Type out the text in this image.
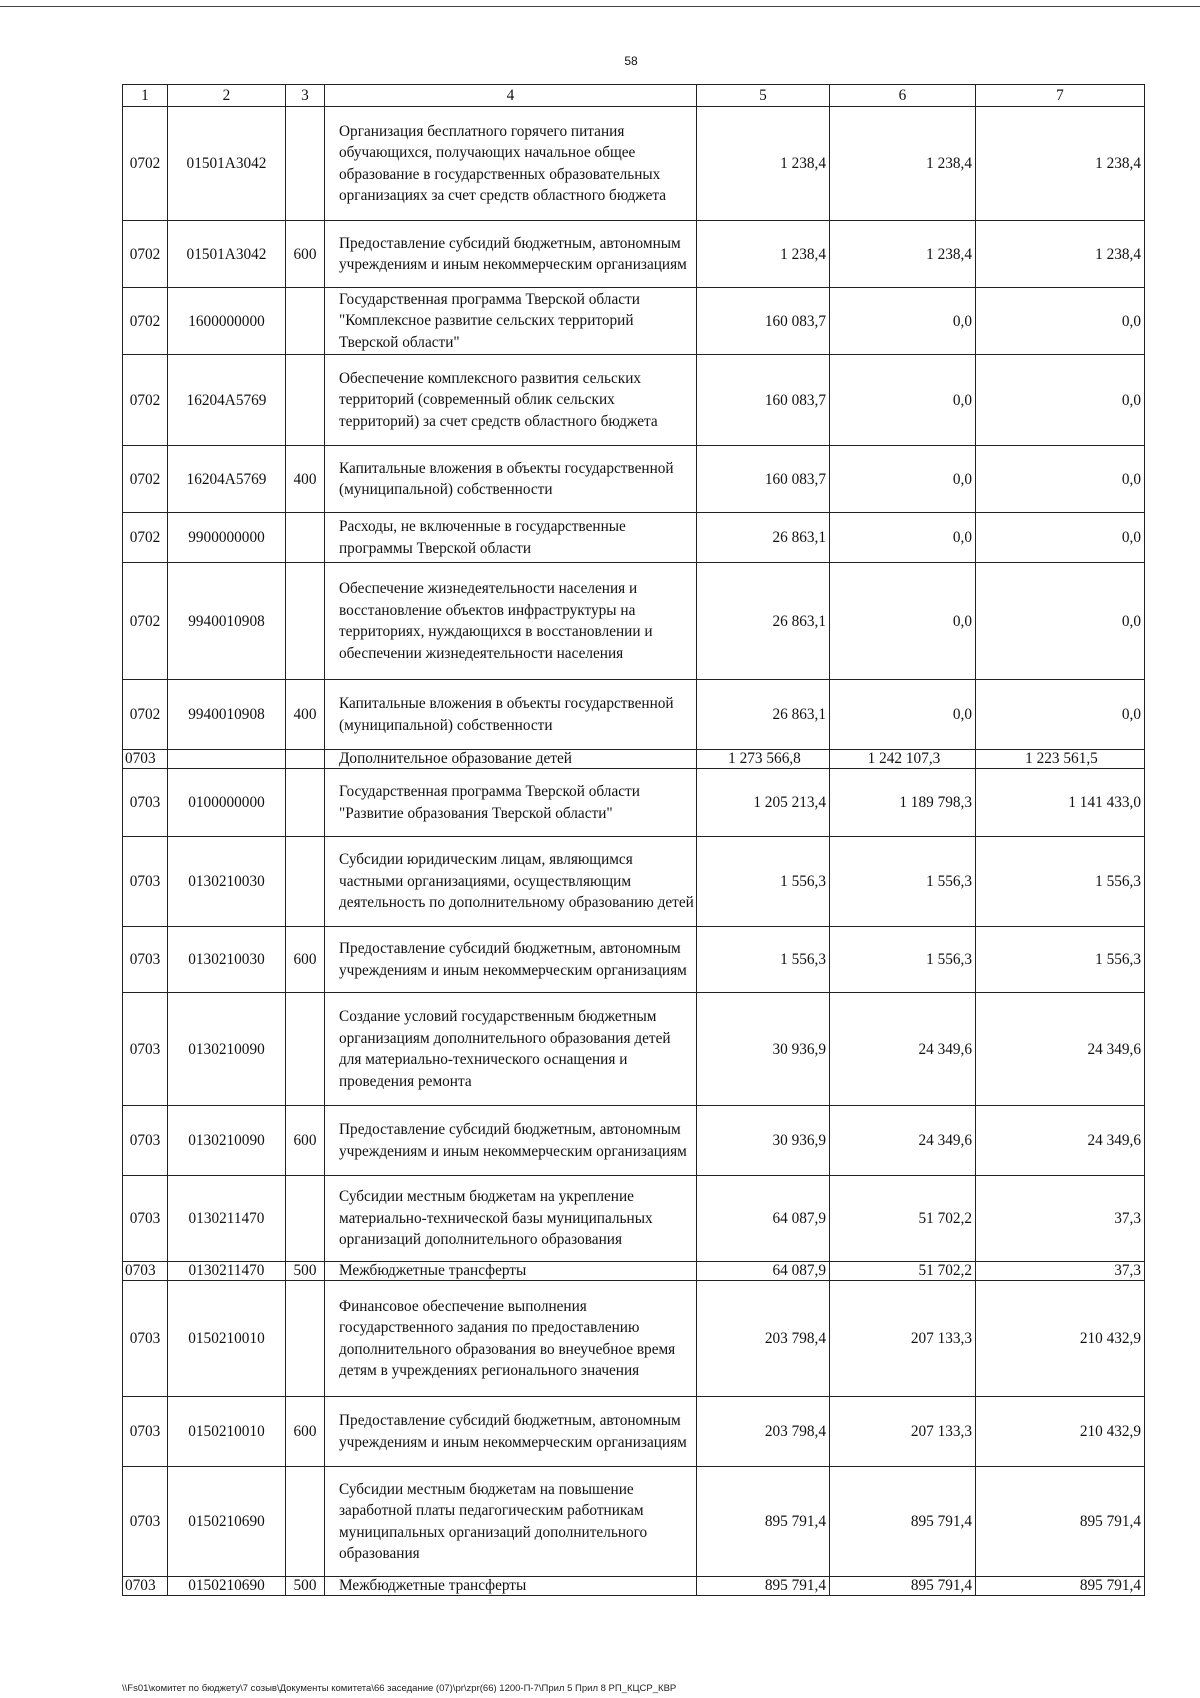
58
1	2	3	4	5	6	7
0702	01501A3042		Организация бесплатного горячего питания обучающихся, получающих начальное общее образование в государственных образовательных организациях за счет средств областного бюджета	1 238,4	1 238,4	1 238,4
0702	01501A3042	600	Предоставление субсидий бюджетным, автономным учреждениям и иным некоммерческим организациям	1 238,4	1 238,4	1 238,4
0702	1600000000		Государственная программа Тверской области "Комплексное развитие сельских территорий Тверской области"	160 083,7	0,0	0,0
0702	16204A5769		Обеспечение комплексного развития сельских территорий (современный облик сельских территорий) за счет средств областного бюджета	160 083,7	0,0	0,0
0702	16204A5769	400	Капитальные вложения в объекты государственной (муниципальной) собственности	160 083,7	0,0	0,0
0702	9900000000		Расходы, не включенные в государственные программы Тверской области	26 863,1	0,0	0,0
0702	9940010908		Обеспечение жизнедеятельности населения и восстановление объектов инфраструктуры на территориях, нуждающихся в восстановлении и обеспечении жизнедеятельности населения	26 863,1	0,0	0,0
0702	9940010908	400	Капитальные вложения в объекты государственной (муниципальной) собственности	26 863,1	0,0	0,0
0703			Дополнительное образование детей	1 273 566,8	1 242 107,3	1 223 561,5
0703	0100000000		Государственная программа Тверской области "Развитие образования Тверской области"	1 205 213,4	1 189 798,3	1 141 433,0
0703	0130210030		Субсидии юридическим лицам, являющимся частными организациями, осуществляющим деятельность по дополнительному образованию детей	1 556,3	1 556,3	1 556,3
0703	0130210030	600	Предоставление субсидий бюджетным, автономным учреждениям и иным некоммерческим организациям	1 556,3	1 556,3	1 556,3
0703	0130210090		Создание условий государственным бюджетным организациям дополнительного образования детей для материально-технического оснащения и проведения ремонта	30 936,9	24 349,6	24 349,6
0703	0130210090	600	Предоставление субсидий бюджетным, автономным учреждениям и иным некоммерческим организациям	30 936,9	24 349,6	24 349,6
0703	0130211470		Субсидии местным бюджетам на укрепление материально-технической базы муниципальных организаций дополнительного образования	64 087,9	51 702,2	37,3
0703	0130211470	500	Межбюджетные трансферты	64 087,9	51 702,2	37,3
0703	0150210010		Финансовое обеспечение выполнения государственного задания по предоставлению дополнительного образования во внеучебное время детям в учреждениях регионального значения	203 798,4	207 133,3	210 432,9
0703	0150210010	600	Предоставление субсидий бюджетным, автономным учреждениям и иным некоммерческим организациям	203 798,4	207 133,3	210 432,9
0703	0150210690		Субсидии местным бюджетам на повышение заработной платы педагогическим работникам муниципальных организаций дополнительного образования	895 791,4	895 791,4	895 791,4
0703	0150210690	500	Межбюджетные трансферты	895 791,4	895 791,4	895 791,4
\\Fs01\комитет по бюджету\7 созыв\Документы комитета\66 заседание (07)\pr\zpr(66) 1200-П-7\Прил 5 Прил 8 РП_КЦСР_КВР
